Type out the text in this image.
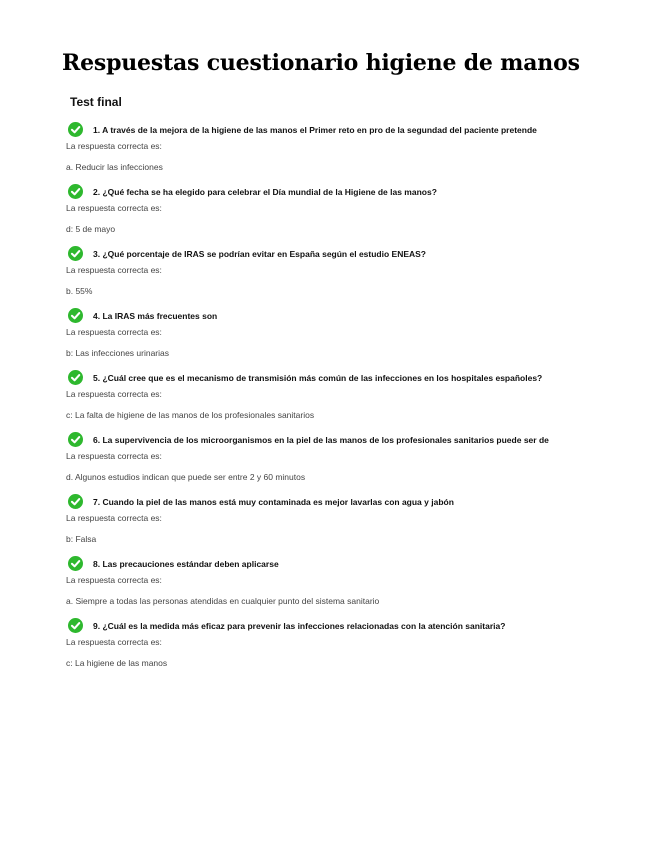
Respuestas cuestionario higiene de manos
Test final
1. A través de la mejora de la higiene de las manos el Primer reto en pro de la segundad del paciente pretende
La respuesta correcta es:
a. Reducir las infecciones
2. ¿Qué fecha se ha elegido para celebrar el Día mundial de la Higiene de las manos?
La respuesta correcta es:
d: 5 de mayo
3. ¿Qué porcentaje de IRAS se podrían evitar en España según el estudio ENEAS?
La respuesta correcta es:
b. 55%
4. La IRAS más frecuentes son
La respuesta correcta es:
b: Las infecciones urinarias
5. ¿Cuál cree que es el mecanismo de transmisión más común de las infecciones en los hospitales españoles?
La respuesta correcta es:
c: La falta de higiene de las manos de los profesionales sanitarios
6. La supervivencia de los microorganismos en la piel de las manos de los profesionales sanitarios puede ser de
La respuesta correcta es:
d. Algunos estudios indican que puede ser entre 2 y 60 minutos
7. Cuando la piel de las manos está muy contaminada es mejor lavarlas con agua y jabón
La respuesta correcta es:
b: Falsa
8. Las precauciones estándar deben aplicarse
La respuesta correcta es:
a. Siempre a todas las personas atendidas en cualquier punto del sistema sanitario
9. ¿Cuál es la medida más eficaz para prevenir las infecciones relacionadas con la atención sanitaria?
La respuesta correcta es:
c: La higiene de las manos
